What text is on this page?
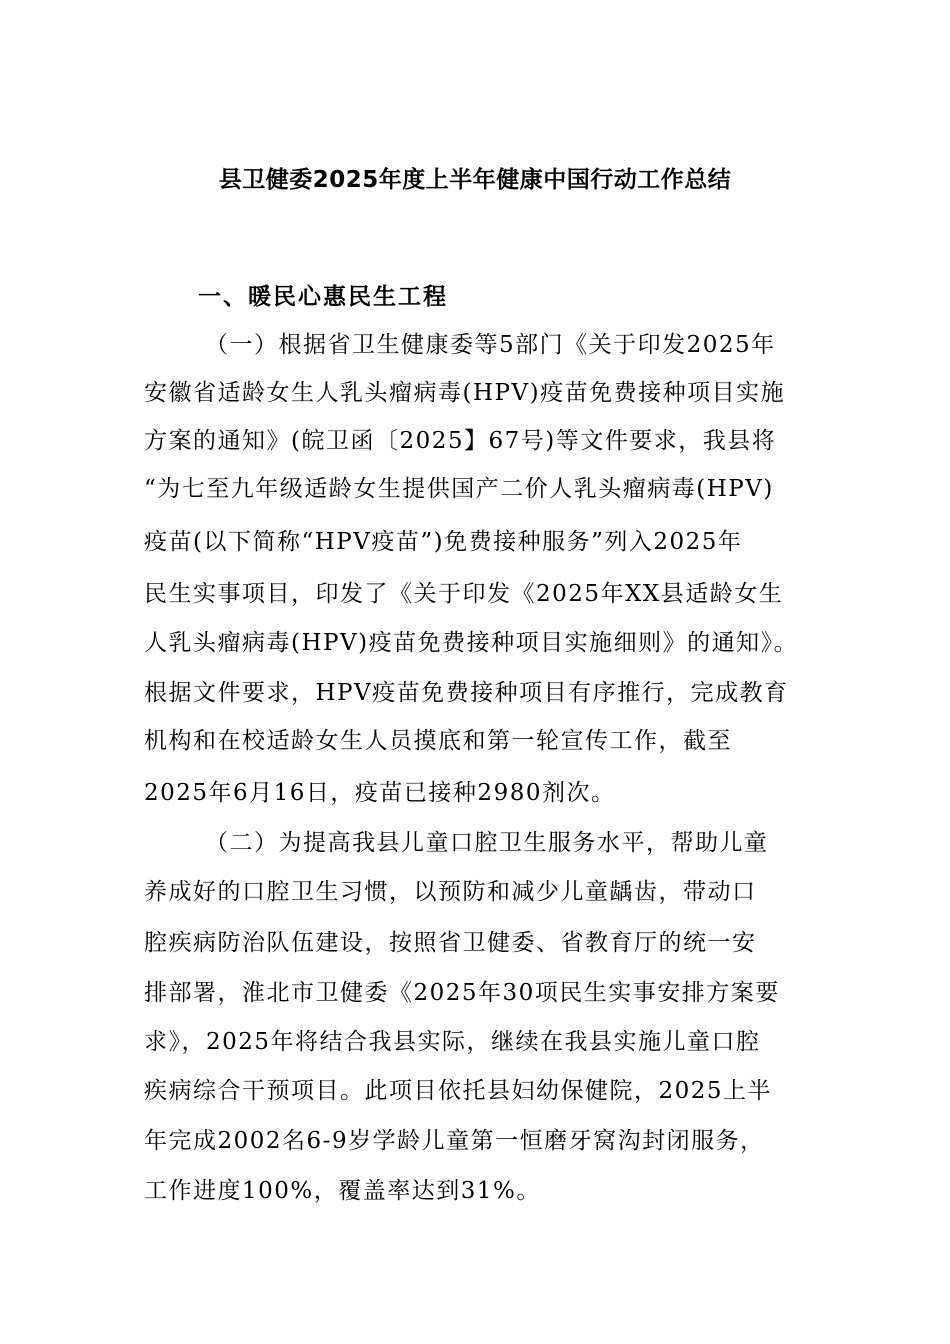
县卫健委2025年度上半年健康中国行动工作总结
一、暖民心惠民生工程

（一）根据省卫生健康委等5部门《关于印发2025年

安徽省适龄女生人乳头瘤病毒(HPV)疫苗免费接种项目实施

方案的通知》(皖卫函〔2025】67号)等文件要求，我县将

“为七至九年级适龄女生提供国产二价人乳头瘤病毒(HPV)

疫苗(以下简称“HPV疫苗”)免费接种服务”列入2025年

民生实事项目，印发了《关于印发《2025年XX县适龄女生

人乳头瘤病毒(HPV)疫苗免费接种项目实施细则》的通知》。

根据文件要求，HPV疫苗免费接种项目有序推行，完成教育

机构和在校适龄女生人员摸底和第一轮宣传工作，截至

2025年6月16日，疫苗已接种2980剂次。

（二）为提高我县儿童口腔卫生服务水平，帮助儿童

养成好的口腔卫生习惯，以预防和减少儿童龋齿，带动口

腔疾病防治队伍建设，按照省卫健委、省教育厅的统一安

排部署，淮北市卫健委《2025年30项民生实事安排方案要

求》，2025年将结合我县实际，继续在我县实施儿童口腔

疾病综合干预项目。此项目依托县妇幼保健院，2025上半

年完成2002名6-9岁学龄儿童第一恒磨牙窝沟封闭服务，

工作进度100%，覆盖率达到31%。
